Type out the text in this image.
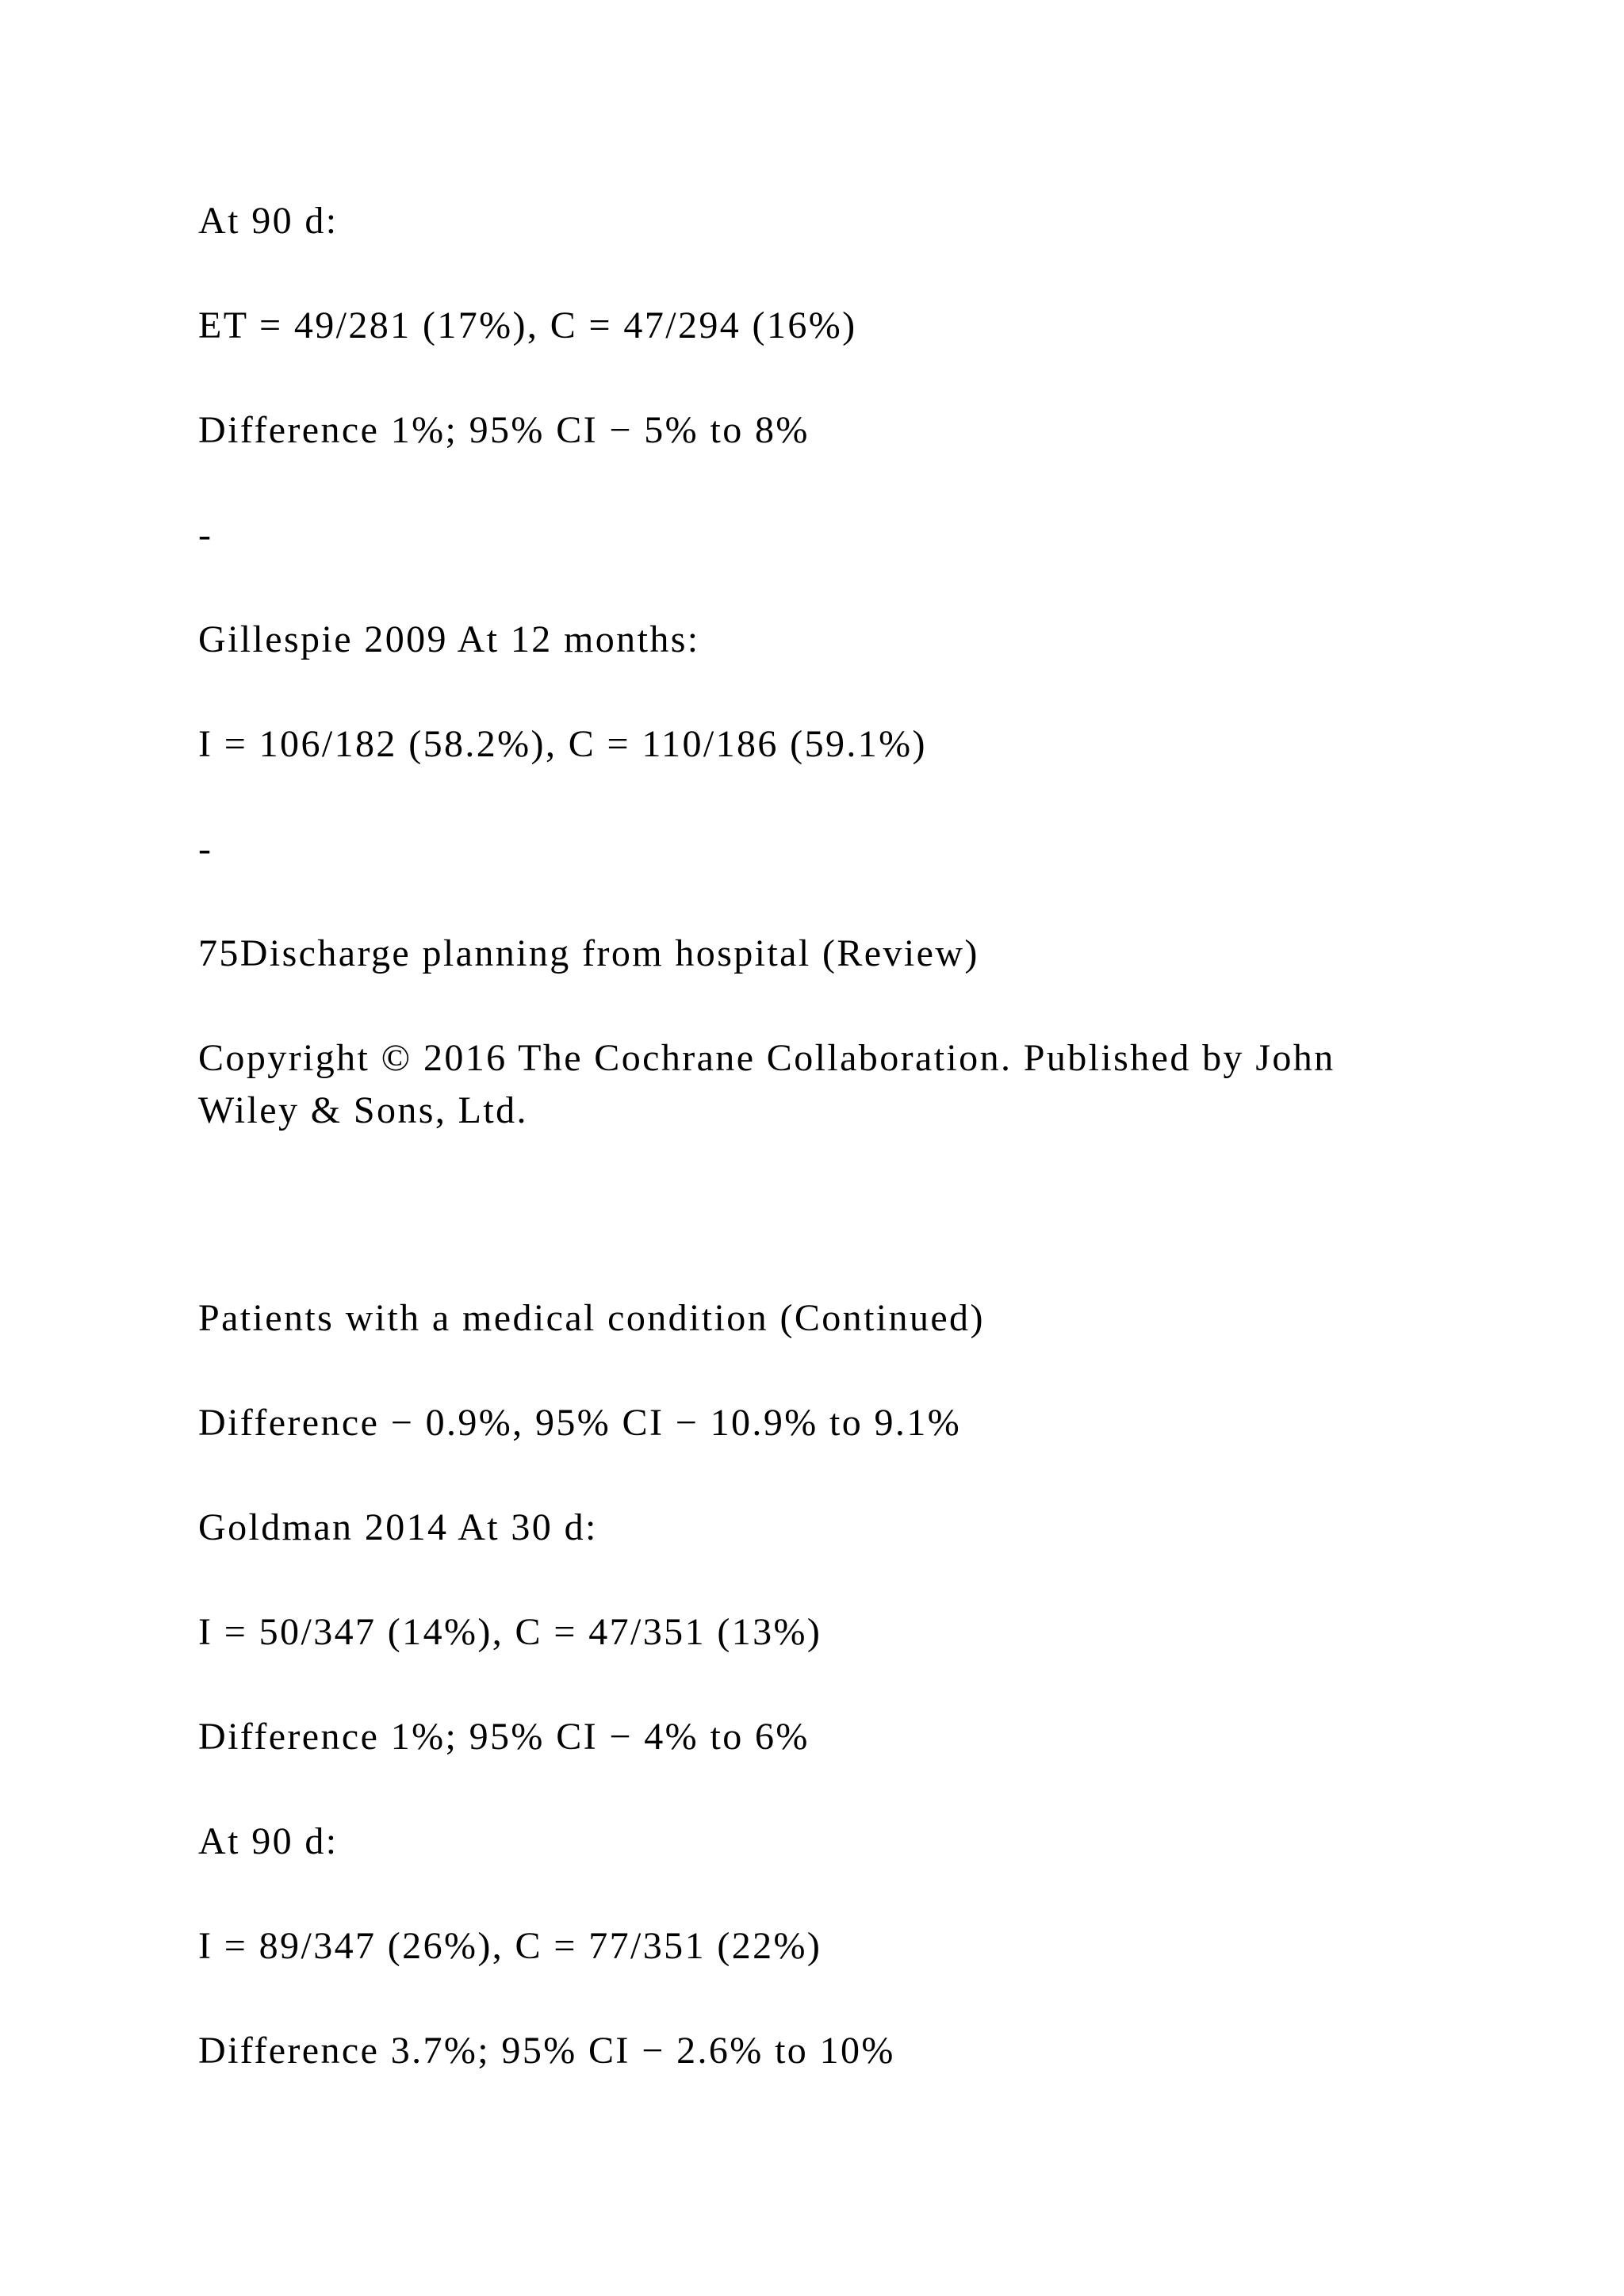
At 90 d:

ET = 49/281 (17%), C = 47/294 (16%)

Difference 1%; 95% CI − 5% to 8%

-

Gillespie 2009 At 12 months:

I = 106/182 (58.2%), C = 110/186 (59.1%)

-

75Discharge planning from hospital (Review)

Copyright © 2016 The Cochrane Collaboration. Published by John Wiley & Sons, Ltd.

Patients with a medical condition (Continued)

Difference − 0.9%, 95% CI − 10.9% to 9.1%

Goldman 2014 At 30 d:

I = 50/347 (14%), C = 47/351 (13%)

Difference 1%; 95% CI − 4% to 6%

At 90 d:

I = 89/347 (26%), C = 77/351 (22%)

Difference 3.7%; 95% CI − 2.6% to 10%
